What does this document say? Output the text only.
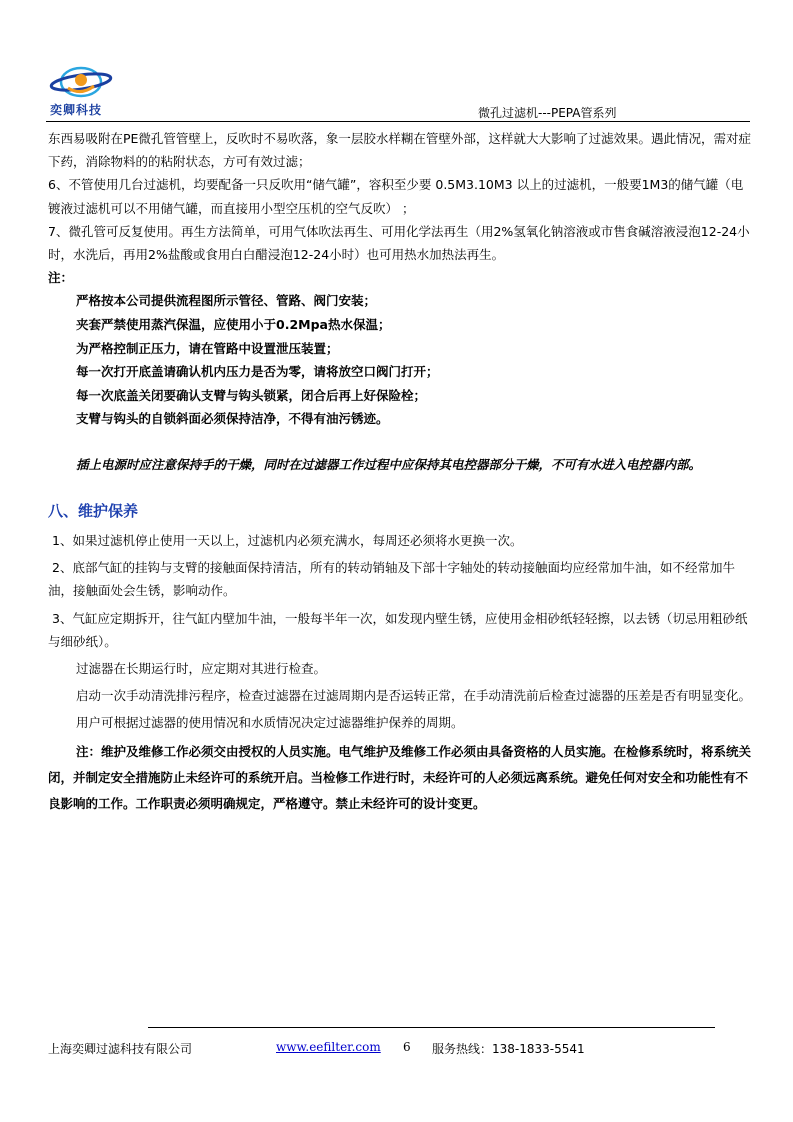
奕卿科技	微孔过滤机---PEPA管系列

东西易吸附在PE微孔管管壁上，反吹时不易吹落，象一层胶水样糊在管壁外部，这样就大大影响了过滤效果。遇此情况，需对症下药，消除物料的的粘附状态，方可有效过滤；

6、不管使用几台过滤机，均要配备一只反吹用“储气罐”，容积至少要 0.5M3.10M3 以上的过滤机，一般要1M3的储气罐（电镀液过滤机可以不用储气罐，而直接用小型空压机的空气反吹） ；

7、微孔管可反复使用。再生方法简单，可用气体吹法再生、可用化学法再生（用2%氢氧化钠溶液或市售食碱溶液浸泡12-24小时，水洗后，再用2%盐酸或食用白白醋浸泡12-24小时）也可用热水加热法再生。

注：

严格按本公司提供流程图所示管径、管路、阀门安装；

夹套严禁使用蒸汽保温，应使用小于0.2Mpa热水保温；

为严格控制正压力，请在管路中设置泄压装置；

每一次打开底盖请确认机内压力是否为零，请将放空口阀门打开；

每一次底盖关闭要确认支臂与钩头锁紧，闭合后再上好保险栓；

支臂与钩头的自锁斜面必须保持洁净，不得有油污锈迹。

插上电源时应注意保持手的干燥，同时在过滤器工作过程中应保持其电控器部分干燥，不可有水进入电控器内部。

八、维护保养

1、如果过滤机停止使用一天以上，过滤机内必须充满水，每周还必须将水更换一次。

2、底部气缸的挂钩与支臂的接触面保持清洁，所有的转动销轴及下部十字轴处的转动接触面均应经常加牛油，如不经常加牛油，接触面处会生锈，影响动作。

3、气缸应定期拆开，往气缸内壁加牛油，一般每半年一次，如发现内壁生锈，应使用金相砂纸轻轻擦，以去锈（切忌用粗砂纸与细砂纸）。

过滤器在长期运行时，应定期对其进行检查。

启动一次手动清洗排污程序，检查过滤器在过滤周期内是否运转正常，在手动清洗前后检查过滤器的压差是否有明显变化。

用户可根据过滤器的使用情况和水质情况决定过滤器维护保养的周期。

注：维护及维修工作必须交由授权的人员实施。电气维护及维修工作必须由具备资格的人员实施。在检修系统时，将系统关闭，并制定安全措施防止未经许可的系统开启。当检修工作进行时，未经许可的人必须远离系统。避免任何对安全和功能性有不良影响的工作。工作职责必须明确规定，严格遵守。禁止未经许可的设计变更。

上海奕卿过滤科技有限公司	www.eefilter.com 6 服务热线：138-1833-5541
